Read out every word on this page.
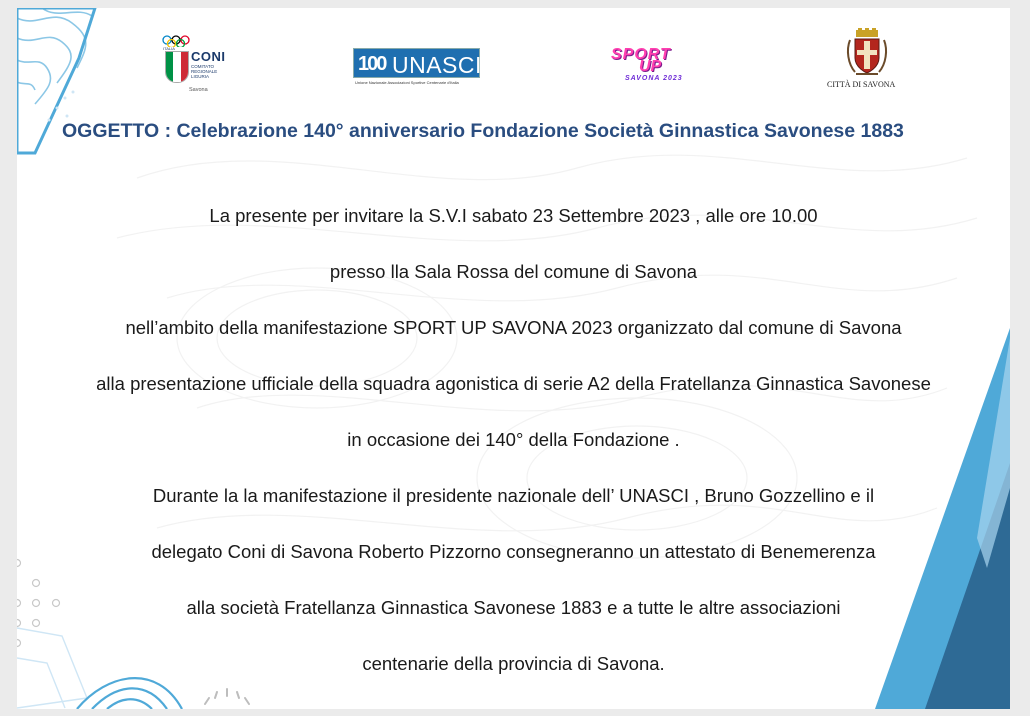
ITALIA
CONI
COMITATO REGIONALE LIGURIA
Savona
100 UNASCI
Unione Nazionale Associazioni Sportive Centenarie d'Italia
SPORT
UP
SAVONA 2023
CITTÀ DI SAVONA
OGGETTO : Celebrazione 140° anniversario Fondazione Società Ginnastica Savonese 1883
La presente per invitare la S.V.I sabato 23 Settembre 2023 , alle ore 10.00
presso lla Sala Rossa del comune di Savona
nell’ambito della manifestazione SPORT UP SAVONA 2023 organizzato dal comune di Savona
alla presentazione ufficiale della squadra agonistica di serie A2 della Fratellanza Ginnastica Savonese
in occasione dei 140° della Fondazione .
Durante la la manifestazione il presidente nazionale dell’ UNASCI , Bruno Gozzellino e il
delegato Coni di Savona Roberto Pizzorno consegneranno un attestato di Benemerenza
alla società Fratellanza Ginnastica Savonese 1883 e a tutte le altre associazioni
centenarie della provincia di Savona.
